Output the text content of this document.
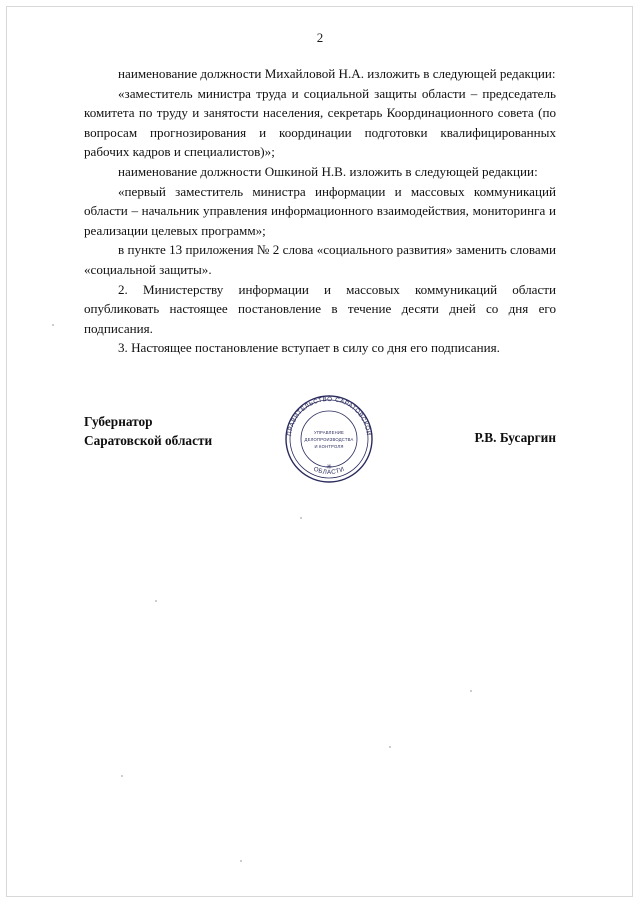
2

наименование должности Михайловой Н.А. изложить в следующей редакции:

«заместитель министра труда и социальной защиты области – председатель комитета по труду и занятости населения, секретарь Координационного совета (по вопросам прогнозирования и координации подготовки квалифицированных рабочих кадров и специалистов)»;

наименование должности Ошкиной Н.В. изложить в следующей редакции:

«первый заместитель министра информации и массовых коммуникаций области – начальник управления информационного взаимодействия, мониторинга и реализации целевых программ»;

в пункте 13 приложения № 2 слова «социального развития» заменить словами «социальной защиты».

2. Министерству информации и массовых коммуникаций области опубликовать настоящее постановление в течение десяти дней со дня его подписания.

3. Настоящее постановление вступает в силу со дня его подписания.

Губернатор
Саратовской области	Р.В. Бусаргин
ПРАВИТЕЛЬСТВО САРАТОВСКОЙ
ОБЛАСТИ
УПРАВЛЕНИЕ
ДЕЛОПРОИЗВОДСТВА
И КОНТРОЛЯ
✳
